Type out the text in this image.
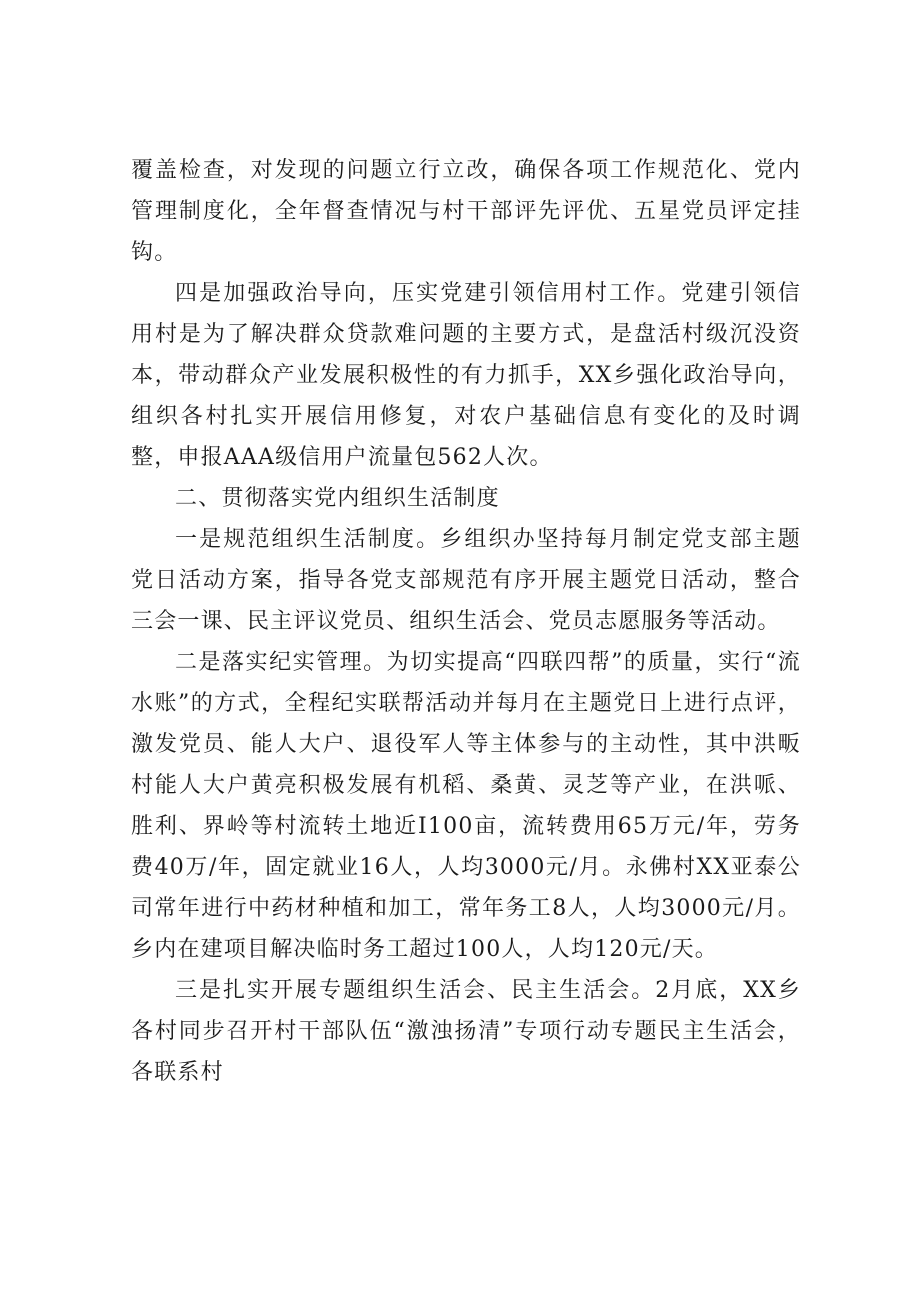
覆盖检查，对发现的问题立行立改，确保各项工作规范化、党内管理制度化，全年督查情况与村干部评先评优、五星党员评定挂钩。

四是加强政治导向，压实党建引领信用村工作。党建引领信用村是为了解决群众贷款难问题的主要方式，是盘活村级沉没资本，带动群众产业发展积极性的有力抓手，XX乡强化政治导向，组织各村扎实开展信用修复，对农户基础信息有变化的及时调整，申报AAA级信用户流量包562人次。

二、贯彻落实党内组织生活制度

一是规范组织生活制度。乡组织办坚持每月制定党支部主题党日活动方案，指导各党支部规范有序开展主题党日活动，整合三会一课、民主评议党员、组织生活会、党员志愿服务等活动。

二是落实纪实管理。为切实提高“四联四帮”的质量，实行“流水账”的方式，全程纪实联帮活动并每月在主题党日上进行点评，激发党员、能人大户、退役军人等主体参与的主动性，其中洪畈村能人大户黄亮积极发展有机稻、桑黄、灵芝等产业，在洪哌、胜利、界岭等村流转土地近I100亩，流转费用65万元/年，劳务费40万/年，固定就业16人，人均3000元/月。永佛村XX亚泰公司常年进行中药材种植和加工，常年务工8人，人均3000元/月。乡内在建项目解决临时务工超过100人，人均120元/天。

三是扎实开展专题组织生活会、民主生活会。2月底，XX乡各村同步召开村干部队伍“激浊扬清”专项行动专题民主生活会，各联系村
